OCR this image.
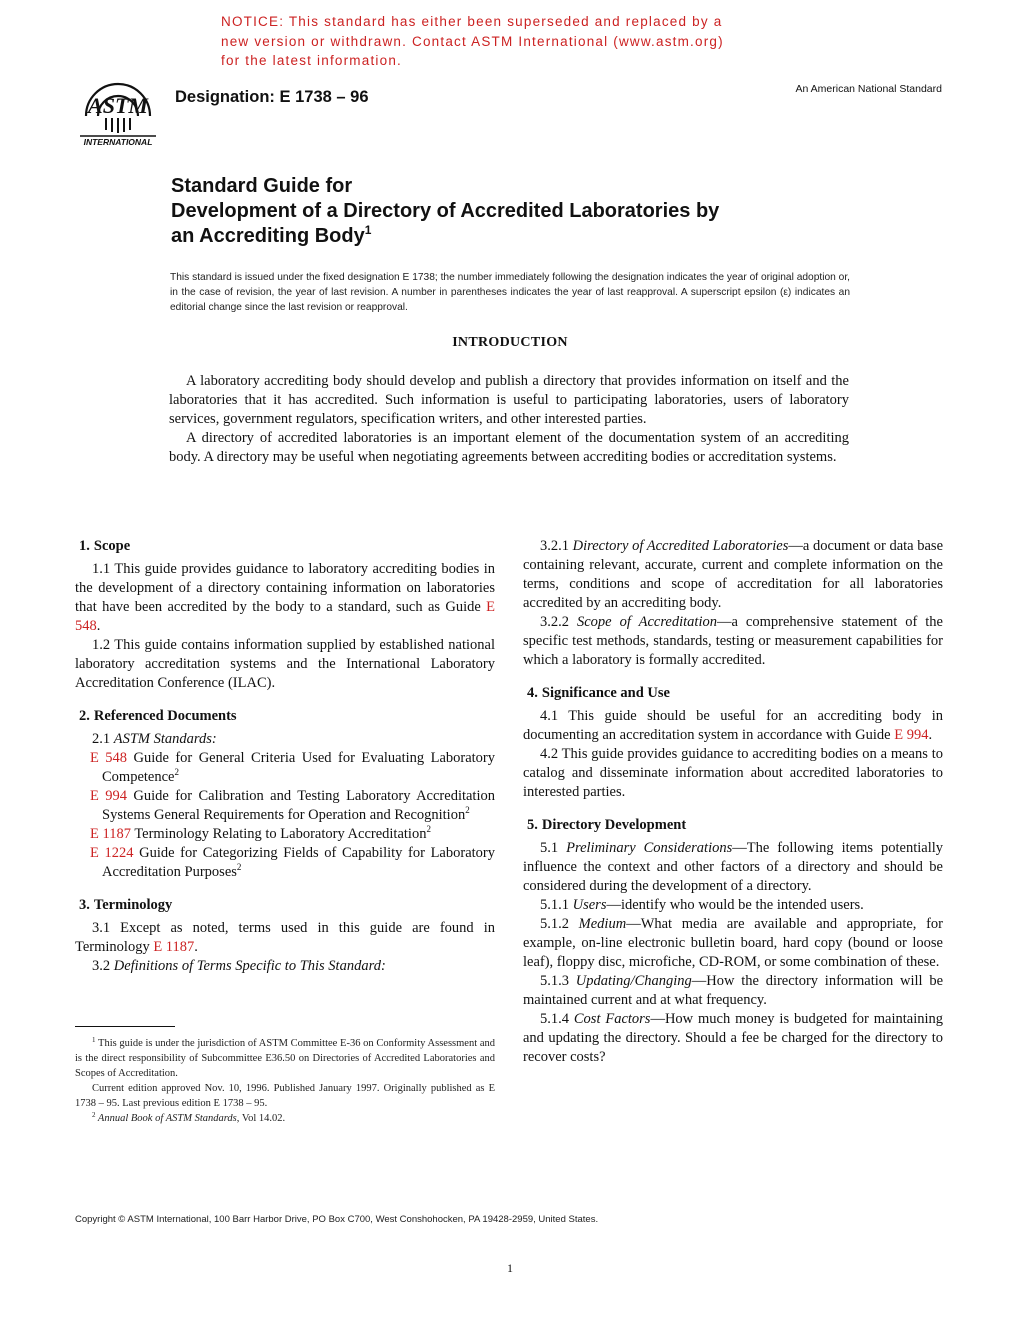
NOTICE: This standard has either been superseded and replaced by a
new version or withdrawn. Contact ASTM International (www.astm.org)
for the latest information.
ASTM
INTERNATIONAL
Designation: E 1738 – 96	An American National Standard
Standard Guide for
Development of a Directory of Accredited Laboratories by
an Accrediting Body$^1$
This standard is issued under the fixed designation E 1738; the number immediately following the designation indicates the year of original adoption or, in the case of revision, the year of last revision. A number in parentheses indicates the year of last reapproval. A superscript epsilon (ε) indicates an editorial change since the last revision or reapproval.
INTRODUCTION

A laboratory accrediting body should develop and publish a directory that provides information on itself and the laboratories that it has accredited. Such information is useful to participating laboratories, users of laboratory services, government regulators, specification writers, and other interested parties.

A directory of accredited laboratories is an important element of the documentation system of an accrediting body. A directory may be useful when negotiating agreements between accrediting bodies or accreditation systems.

1. Scope

1.1 This guide provides guidance to laboratory accrediting bodies in the development of a directory containing information on laboratories that have been accredited by the body to a standard, such as Guide E 548.

1.2 This guide contains information supplied by established national laboratory accreditation systems and the International Laboratory Accreditation Conference (ILAC).

2. Referenced Documents

2.1 ASTM Standards:

E 548 Guide for General Criteria Used for Evaluating Laboratory Competence$^2$

E 994 Guide for Calibration and Testing Laboratory Accreditation Systems General Requirements for Operation and Recognition$^2$

E 1187 Terminology Relating to Laboratory Accreditation$^2$

E 1224 Guide for Categorizing Fields of Capability for Laboratory Accreditation Purposes$^2$

3. Terminology

3.1 Except as noted, terms used in this guide are found in Terminology E 1187.

3.2 Definitions of Terms Specific to This Standard:

3.2.1 Directory of Accredited Laboratories—a document or data base containing relevant, accurate, current and complete information on the terms, conditions and scope of accreditation for all laboratories accredited by an accrediting body.

3.2.2 Scope of Accreditation—a comprehensive statement of the specific test methods, standards, testing or measurement capabilities for which a laboratory is formally accredited.

4. Significance and Use

4.1 This guide should be useful for an accrediting body in documenting an accreditation system in accordance with Guide E 994.

4.2 This guide provides guidance to accrediting bodies on a means to catalog and disseminate information about accredited laboratories to interested parties.

5. Directory Development

5.1 Preliminary Considerations—The following items potentially influence the context and other factors of a directory and should be considered during the development of a directory.

5.1.1 Users—identify who would be the intended users.

5.1.2 Medium—What media are available and appropriate, for example, on-line electronic bulletin board, hard copy (bound or loose leaf), floppy disc, microfiche, CD-ROM, or some combination of these.

5.1.3 Updating/Changing—How the directory information will be maintained current and at what frequency.

5.1.4 Cost Factors—How much money is budgeted for maintaining and updating the directory. Should a fee be charged for the directory to recover costs?

$^1$ This guide is under the jurisdiction of ASTM Committee E-36 on Conformity Assessment and is the direct responsibility of Subcommittee E36.50 on Directories of Accredited Laboratories and Scopes of Accreditation.

Current edition approved Nov. 10, 1996. Published January 1997. Originally published as E 1738 – 95. Last previous edition E 1738 – 95.

$^2$ Annual Book of ASTM Standards, Vol 14.02.

Copyright © ASTM International, 100 Barr Harbor Drive, PO Box C700, West Conshohocken, PA 19428-2959, United States.
1
